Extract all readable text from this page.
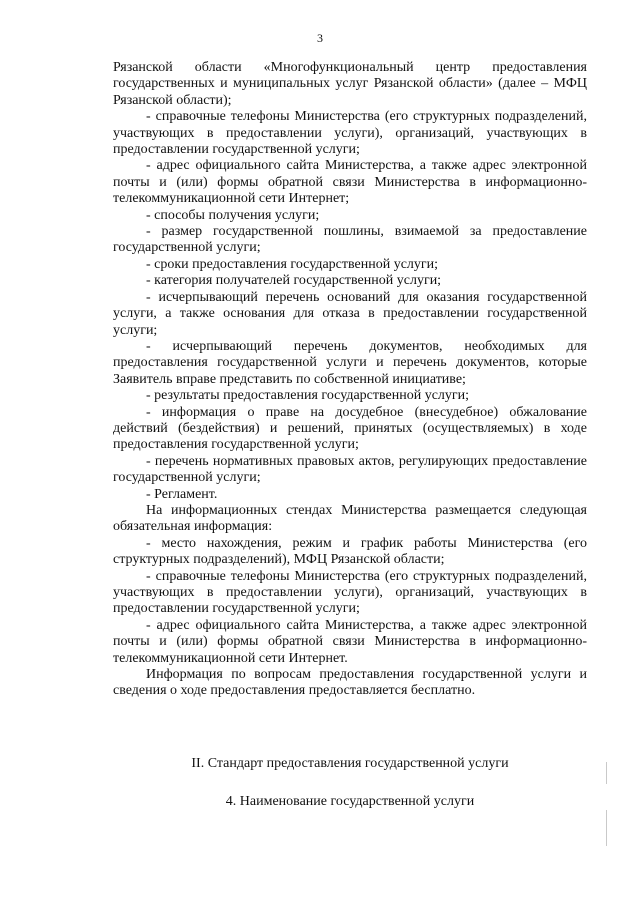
3

Рязанской области «Многофункциональный центр предоставления государственных и муниципальных услуг Рязанской области» (далее – МФЦ Рязанской области);

- справочные телефоны Министерства (его структурных подразделений, участвующих в предоставлении услуги), организаций, участвующих в предоставлении государственной услуги;

- адрес официального сайта Министерства, а также адрес электронной почты и (или) формы обратной связи Министерства в информационно-телекоммуникационной сети Интернет;

- способы получения услуги;

- размер государственной пошлины, взимаемой за предоставление государственной услуги;

- сроки предоставления государственной услуги;

- категория получателей государственной услуги;

- исчерпывающий перечень оснований для оказания государственной услуги, а также основания для отказа в предоставлении государственной услуги;

- исчерпывающий перечень документов, необходимых для предоставления государственной услуги и перечень документов, которые Заявитель вправе представить по собственной инициативе;

- результаты предоставления государственной услуги;

- информация о праве на досудебное (внесудебное) обжалование действий (бездействия) и решений, принятых (осуществляемых) в ходе предоставления государственной услуги;

- перечень нормативных правовых актов, регулирующих предоставление государственной услуги;

- Регламент.

На информационных стендах Министерства размещается следующая обязательная информация:

- место нахождения, режим и график работы Министерства (его структурных подразделений), МФЦ Рязанской области;

- справочные телефоны Министерства (его структурных подразделений, участвующих в предоставлении услуги), организаций, участвующих в предоставлении государственной услуги;

- адрес официального сайта Министерства, а также адрес электронной почты и (или) формы обратной связи Министерства в информационно-телекоммуникационной сети Интернет.

Информация по вопросам предоставления государственной услуги и сведения о ходе предоставления предоставляется бесплатно.

II. Стандарт предоставления государственной услуги
4. Наименование государственной услуги
